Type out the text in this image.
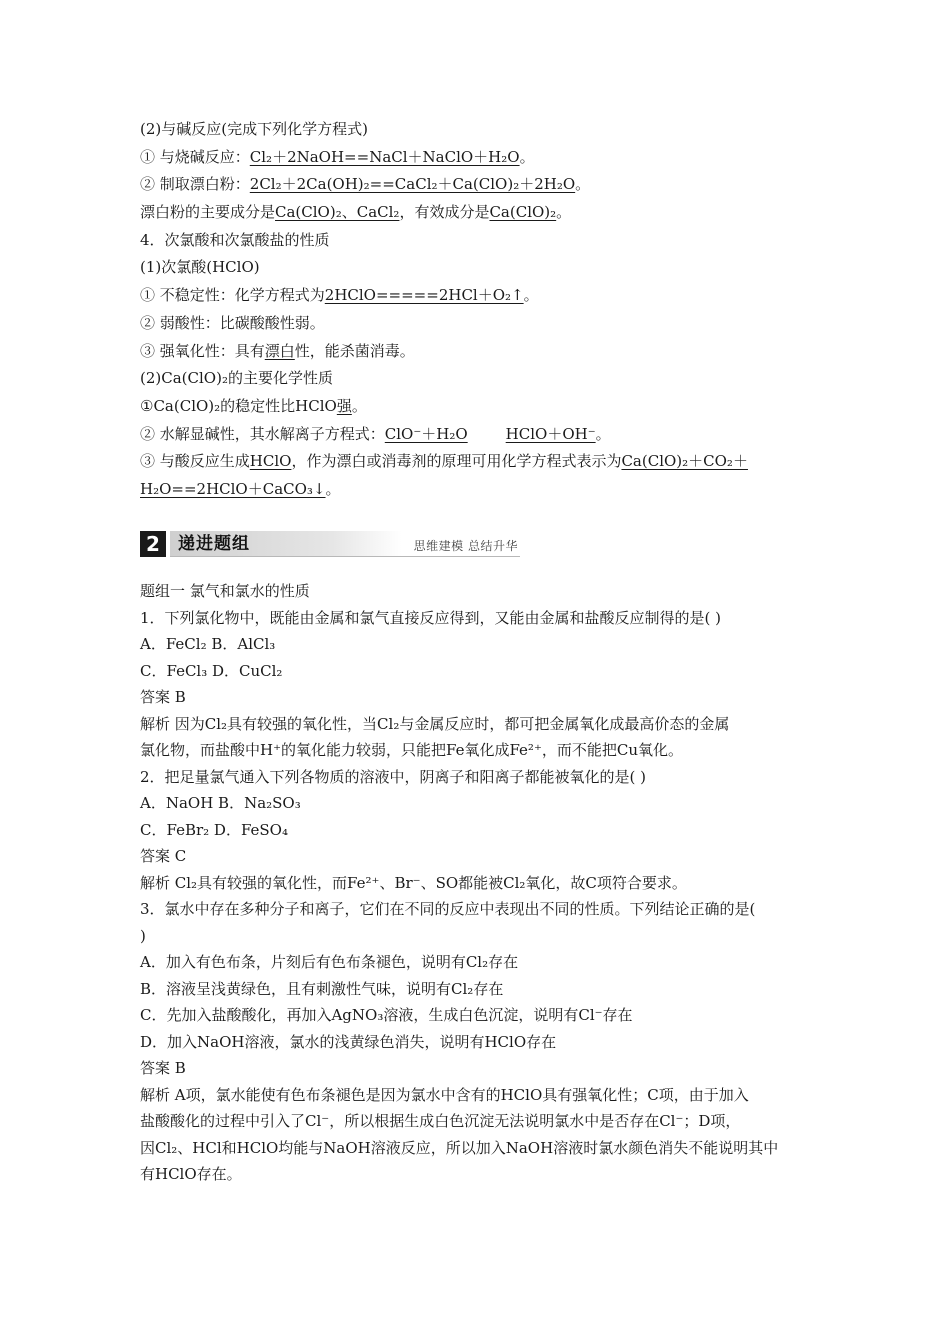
(2)与碱反应(完成下列化学方程式)
① 与烧碱反应：Cl₂＋2NaOH==NaCl＋NaClO＋H₂O。
② 制取漂白粉：2Cl₂＋2Ca(OH)₂==CaCl₂＋Ca(ClO)₂＋2H₂O。
漂白粉的主要成分是Ca(ClO)₂、CaCl₂，有效成分是Ca(ClO)₂。
4．次氯酸和次氯酸盐的性质
(1)次氯酸(HClO)
① 不稳定性：化学方程式为2HClO=====2HCl＋O₂↑。
② 弱酸性：比碳酸酸性弱。
③ 强氧化性：具有漂白性，能杀菌消毒。
(2)Ca(ClO)₂的主要化学性质
①Ca(ClO)₂的稳定性比HClO强。
② 水解显碱性，其水解离子方程式：ClO⁻＋H₂O	HClO＋OH⁻。
③ 与酸反应生成HClO，作为漂白或消毒剂的原理可用化学方程式表示为Ca(ClO)₂＋CO₂＋
H₂O==2HClO＋CaCO₃↓。
2	递进题组	思维建模 总结升华
题组一 氯气和氯水的性质
1．下列氯化物中，既能由金属和氯气直接反应得到，又能由金属和盐酸反应制得的是( )
A．FeCl₂ B．AlCl₃
C．FeCl₃ D．CuCl₂
答案 B
解析 因为Cl₂具有较强的氧化性，当Cl₂与金属反应时，都可把金属氧化成最高价态的金属
氯化物，而盐酸中H⁺的氧化能力较弱，只能把Fe氧化成Fe²⁺，而不能把Cu氧化。
2．把足量氯气通入下列各物质的溶液中，阴离子和阳离子都能被氧化的是( )
A．NaOH B．Na₂SO₃
C．FeBr₂ D．FeSO₄
答案 C
解析 Cl₂具有较强的氧化性，而Fe²⁺、Br⁻、SO都能被Cl₂氧化，故C项符合要求。
3．氯水中存在多种分子和离子，它们在不同的反应中表现出不同的性质。下列结论正确的是(
)
A．加入有色布条，片刻后有色布条褪色，说明有Cl₂存在
B．溶液呈浅黄绿色，且有刺激性气味，说明有Cl₂存在
C．先加入盐酸酸化，再加入AgNO₃溶液，生成白色沉淀，说明有Cl⁻存在
D．加入NaOH溶液，氯水的浅黄绿色消失，说明有HClO存在
答案 B
解析 A项，氯水能使有色布条褪色是因为氯水中含有的HClO具有强氧化性；C项，由于加入
盐酸酸化的过程中引入了Cl⁻，所以根据生成白色沉淀无法说明氯水中是否存在Cl⁻；D项，
因Cl₂、HCl和HClO均能与NaOH溶液反应，所以加入NaOH溶液时氯水颜色消失不能说明其中
有HClO存在。
